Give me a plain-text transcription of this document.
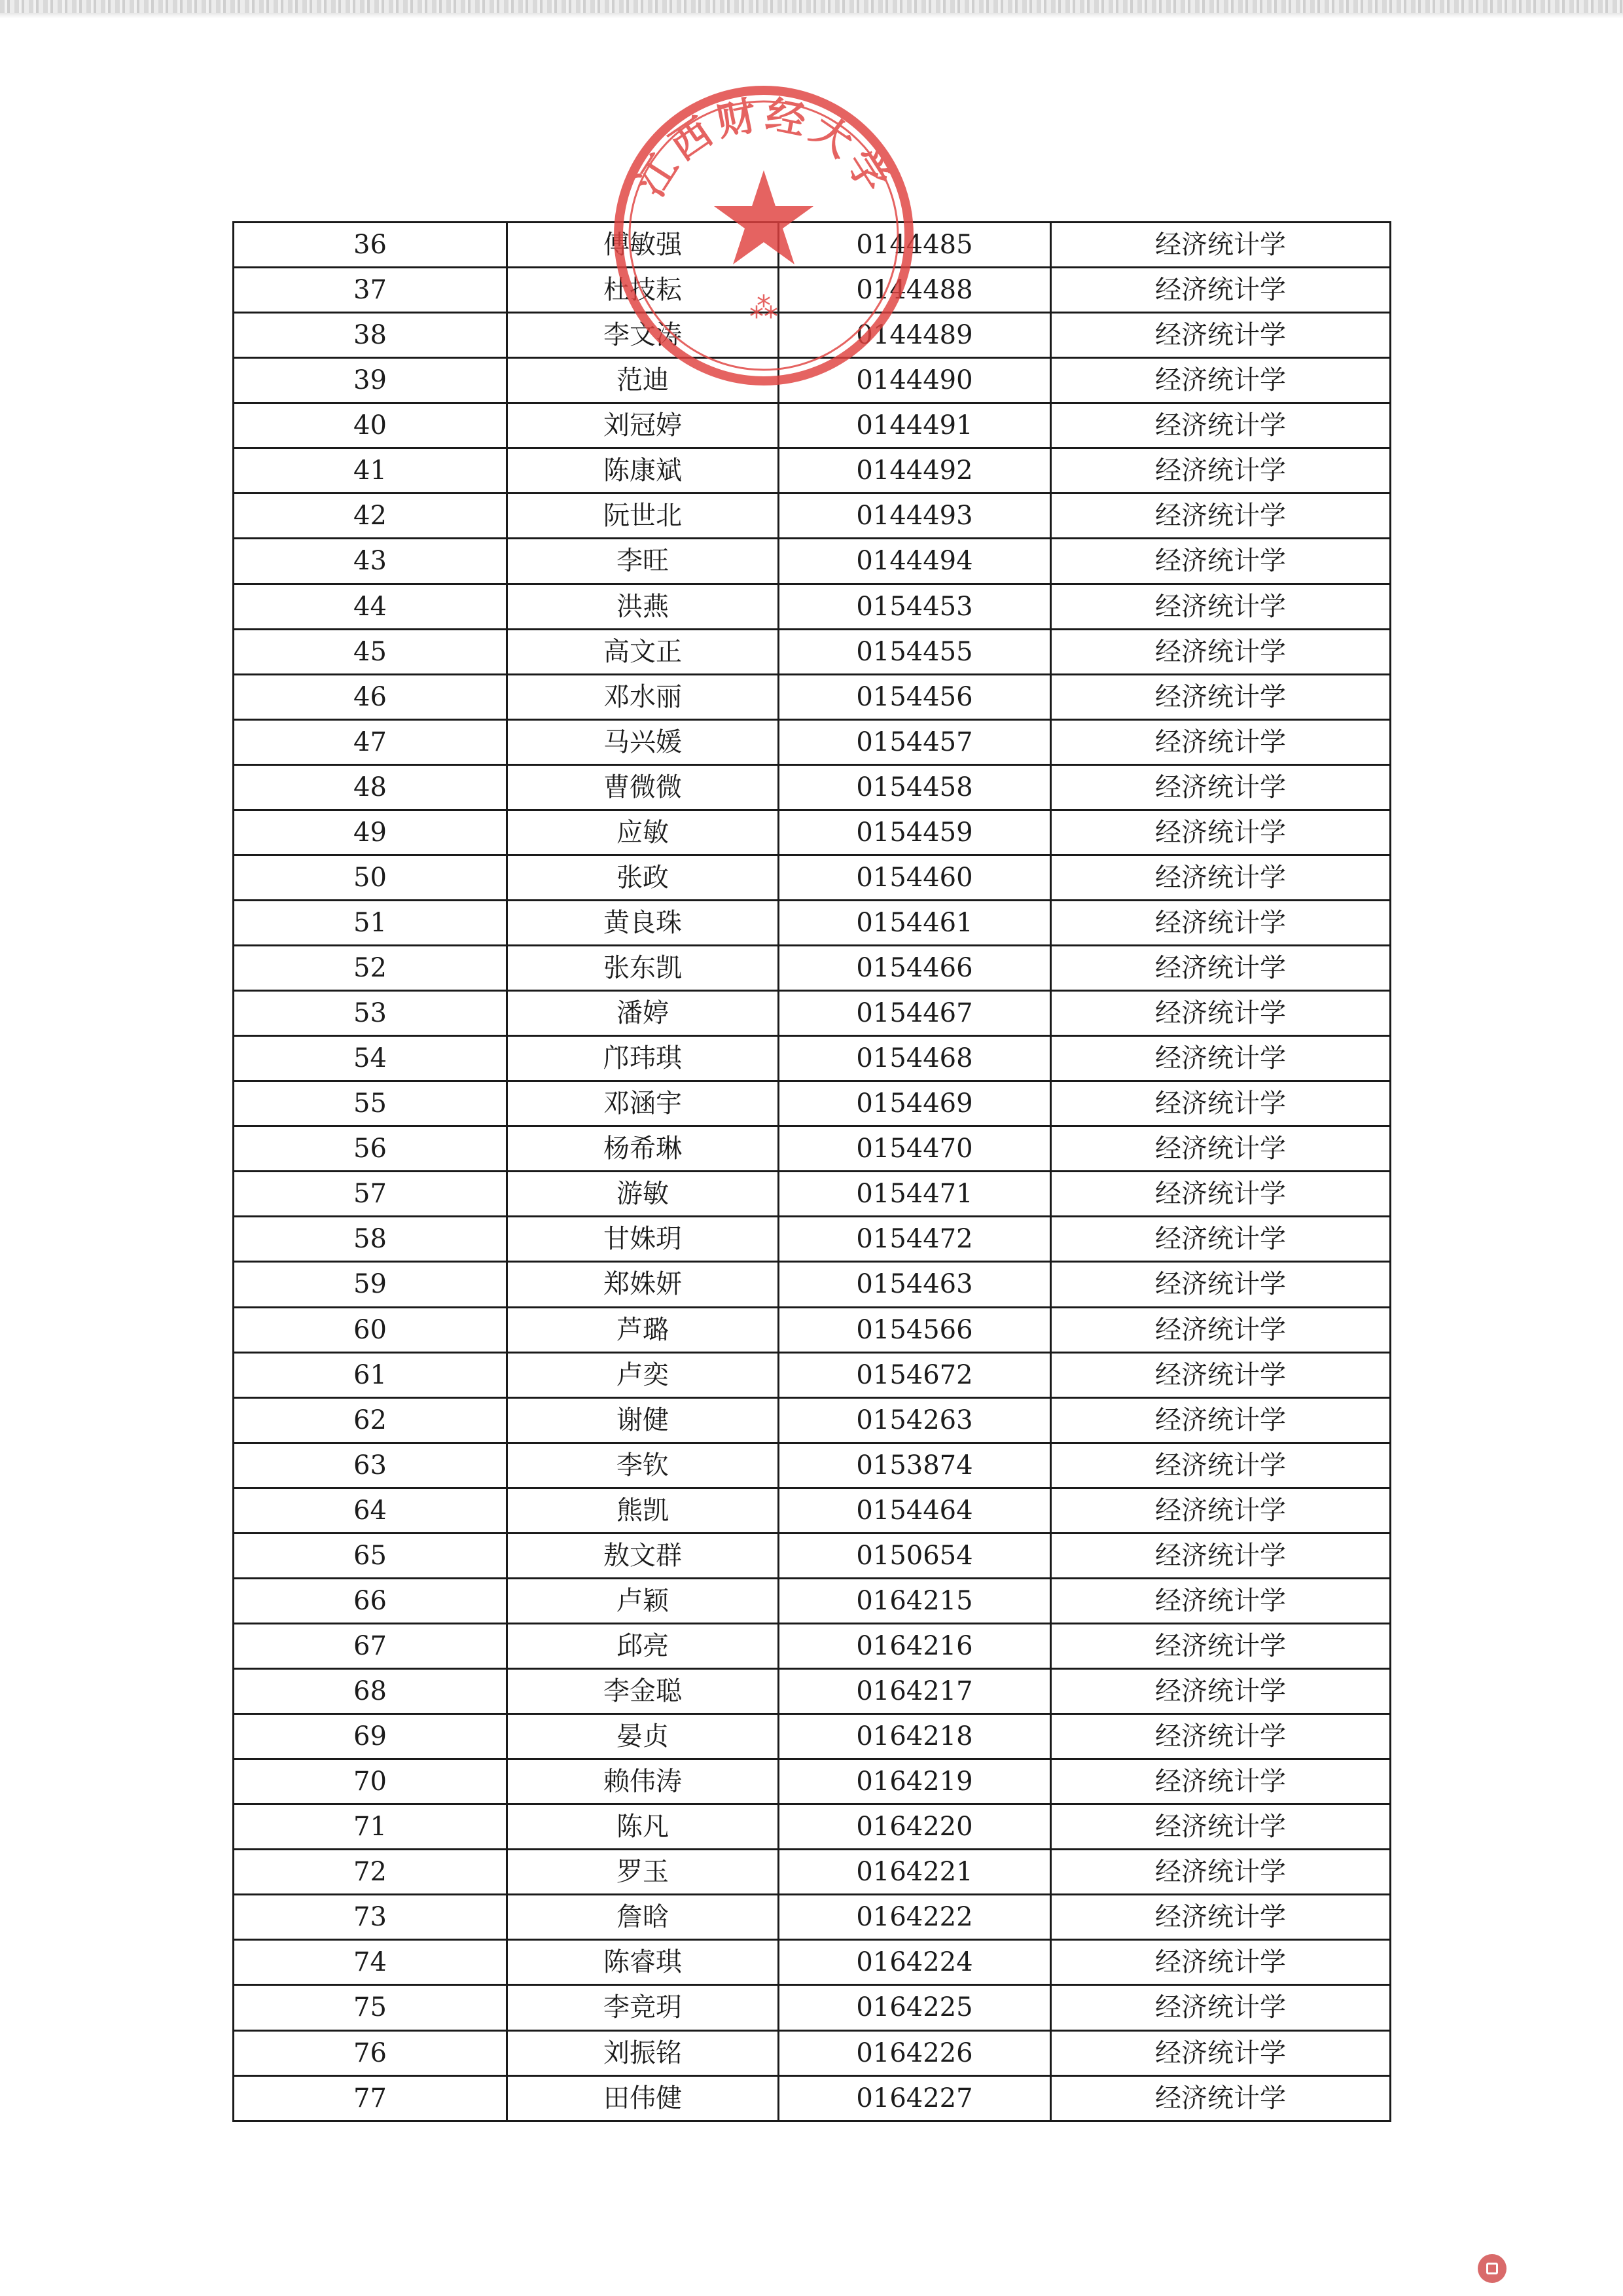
36	傅敏强	0144485	经济统计学
37	杜技耘	0144488	经济统计学
38	李文涛	0144489	经济统计学
39	范迪	0144490	经济统计学
40	刘冠婷	0144491	经济统计学
41	陈康斌	0144492	经济统计学
42	阮世北	0144493	经济统计学
43	李旺	0144494	经济统计学
44	洪燕	0154453	经济统计学
45	高文正	0154455	经济统计学
46	邓水丽	0154456	经济统计学
47	马兴媛	0154457	经济统计学
48	曹微微	0154458	经济统计学
49	应敏	0154459	经济统计学
50	张政	0154460	经济统计学
51	黄良珠	0154461	经济统计学
52	张东凯	0154466	经济统计学
53	潘婷	0154467	经济统计学
54	邝玮琪	0154468	经济统计学
55	邓涵宇	0154469	经济统计学
56	杨希琳	0154470	经济统计学
57	游敏	0154471	经济统计学
58	甘姝玥	0154472	经济统计学
59	郑姝妍	0154463	经济统计学
60	芦璐	0154566	经济统计学
61	卢奕	0154672	经济统计学
62	谢健	0154263	经济统计学
63	李钦	0153874	经济统计学
64	熊凯	0154464	经济统计学
65	敖文群	0150654	经济统计学
66	卢颖	0164215	经济统计学
67	邱亮	0164216	经济统计学
68	李金聪	0164217	经济统计学
69	晏贞	0164218	经济统计学
70	赖伟涛	0164219	经济统计学
71	陈凡	0164220	经济统计学
72	罗玉	0164221	经济统计学
73	詹晗	0164222	经济统计学
74	陈睿琪	0164224	经济统计学
75	李竞玥	0164225	经济统计学
76	刘振铭	0164226	经济统计学
77	田伟健	0164227	经济统计学
江西财经大学
⁂
